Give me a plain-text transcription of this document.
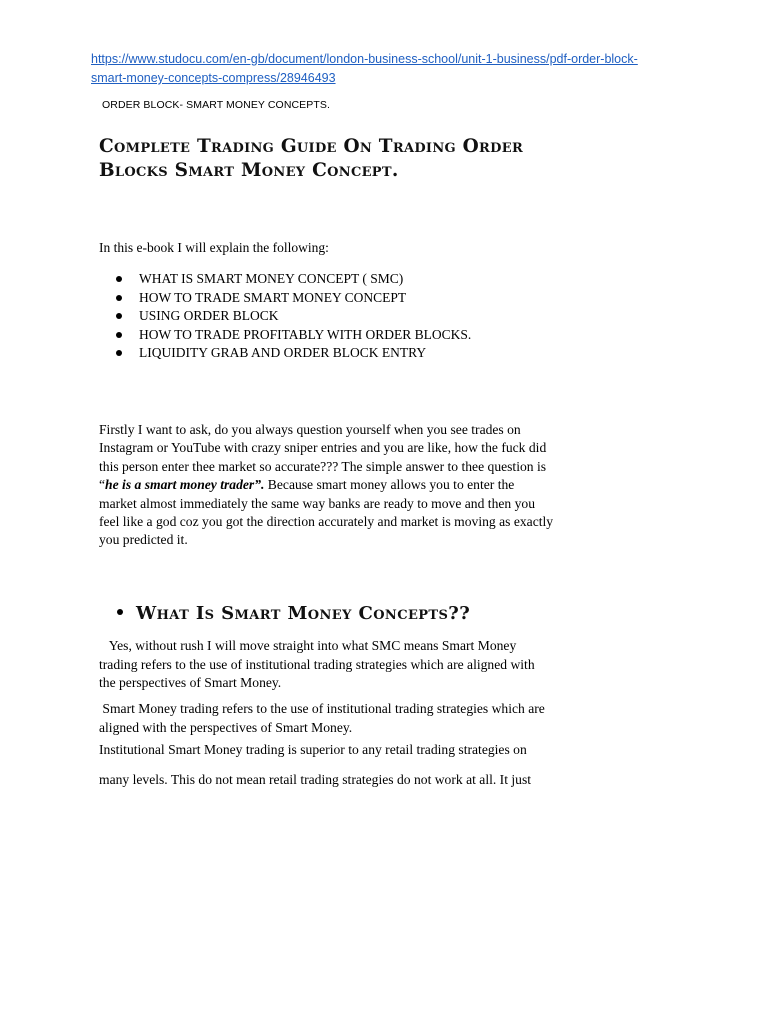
https://www.studocu.com/en-gb/document/london-business-school/unit-1-business/pdf-order-block-
smart-money-concepts-compress/28946493
ORDER BLOCK- SMART MONEY CONCEPTS.
Complete Trading Guide On Trading Order
Blocks Smart Money Concept.
In this e-book I will explain the following:
WHAT IS SMART MONEY CONCEPT ( SMC)
HOW TO TRADE SMART MONEY CONCEPT
USING ORDER BLOCK
HOW TO TRADE PROFITABLY WITH ORDER BLOCKS.
LIQUIDITY GRAB AND ORDER BLOCK ENTRY
Firstly I want to ask, do you always question yourself when you see trades on
Instagram or YouTube with crazy sniper entries and you are like, how the fuck did
this person enter thee market so accurate??? The simple answer to thee question is
“he is a smart money trader”. Because smart money allows you to enter the
market almost immediately the same way banks are ready to move and then you
feel like a god coz you got the direction accurately and market is moving as exactly
you predicted it.
What Is Smart Money Concepts??
Yes, without rush I will move straight into what SMC means Smart Money
trading refers to the use of institutional trading strategies which are aligned with
the perspectives of Smart Money.
Smart Money trading refers to the use of institutional trading strategies which are
aligned with the perspectives of Smart Money.
Institutional Smart Money trading is superior to any retail trading strategies on
many levels. This do not mean retail trading strategies do not work at all. It just
